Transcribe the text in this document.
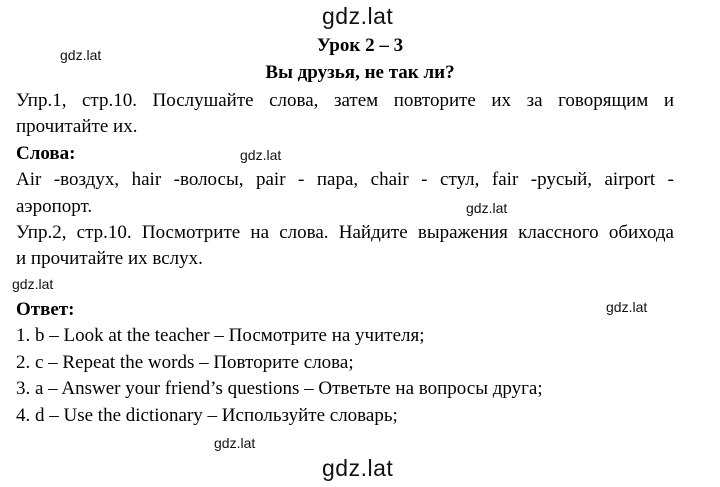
gdz.lat
gdz.lat
gdz.lat
gdz.lat
gdz.lat
gdz.lat
gdz.lat
gdz.lat
Урок 2 – 3
Вы друзья, не так ли?
Упр.1, стр.10. Послушайте слова, затем повторите их за говорящим и
прочитайте их.
Слова:
Air -воздух, hair -волосы, pair - пара, chair - стул, fair -русый, airport -
аэропорт.
Упр.2, стр.10. Посмотрите на слова. Найдите выражения классного обихода
и прочитайте их вслух.
Ответ:
1. b – Look at the teacher – Посмотрите на учителя;
2. c – Repeat the words – Повторите слова;
3. a – Answer your friend’s questions – Ответьте на вопросы друга;
4. d – Use the dictionary – Используйте словарь;
